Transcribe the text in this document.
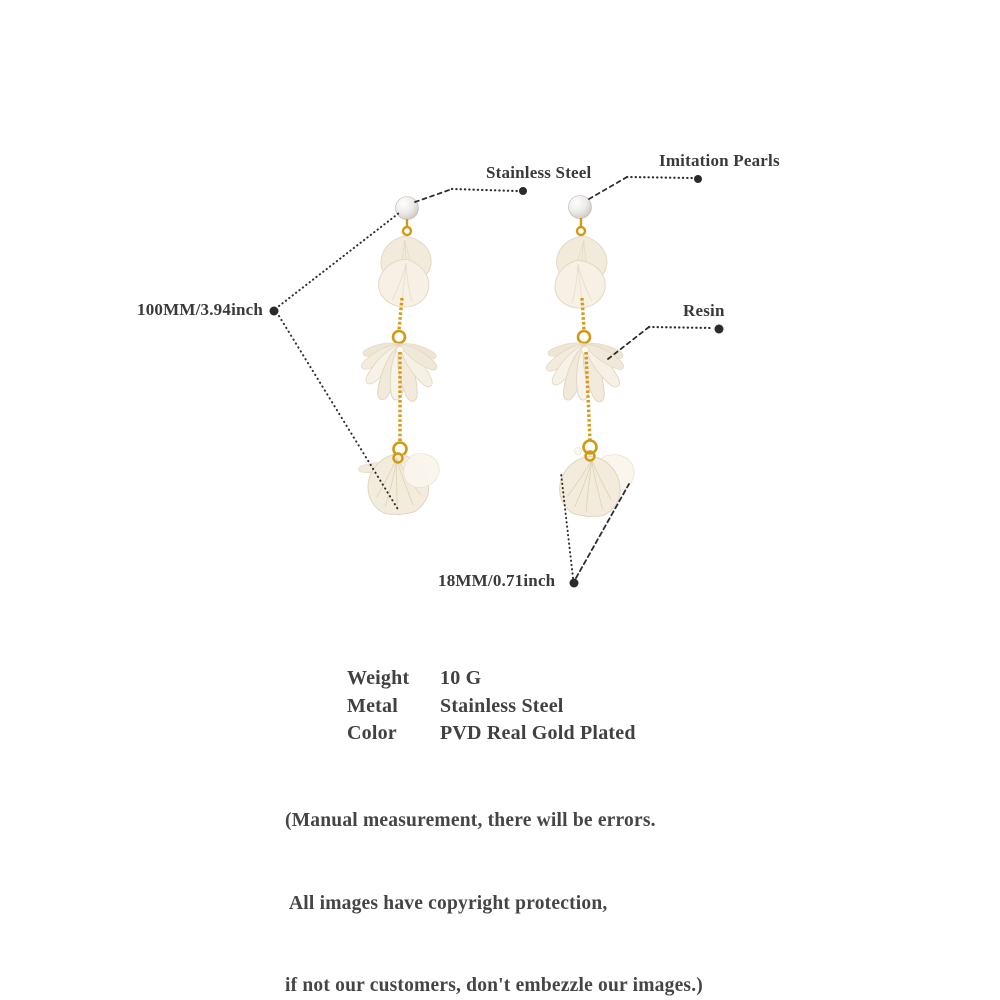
Stainless Steel
Imitation Pearls
Resin
100MM/3.94inch
18MM/0.71inch
Weight	10 G
Metal	Stainless Steel
Color	PVD Real Gold Plated

(Manual measurement, there will be errors.

All images have copyright protection,

if not our customers, don't embezzle our images.)
